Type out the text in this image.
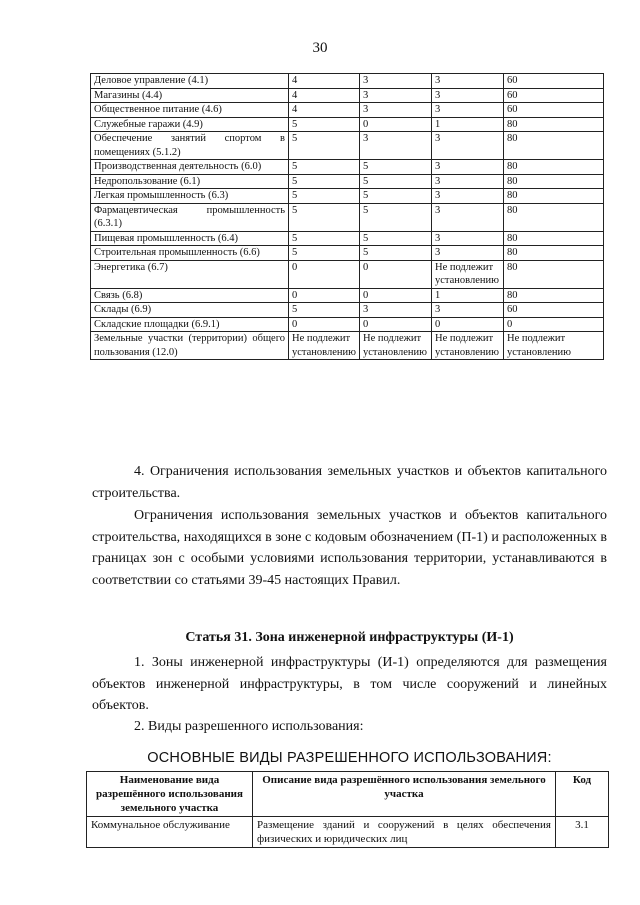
30
Деловое управление (4.1)	4	3	3	60
Магазины (4.4)	4	3	3	60
Общественное питание (4.6)	4	3	3	60
Служебные гаражи (4.9)	5	0	1	80
Обеспечение занятий спортом в помещениях (5.1.2)	5	3	3	80
Производственная деятельность (6.0)	5	5	3	80
Недропользование (6.1)	5	5	3	80
Легкая промышленность (6.3)	5	5	3	80
Фармацевтическая промышленность (6.3.1)	5	5	3	80
Пищевая промышленность (6.4)	5	5	3	80
Строительная промышленность (6.6)	5	5	3	80
Энергетика (6.7)	0	0	Не подлежит установлению	80
Связь (6.8)	0	0	1	80
Склады (6.9)	5	3	3	60
Складские площадки (6.9.1)	0	0	0	0
Земельные участки (территории) общего пользования (12.0)	Не подлежит установлению	Не подлежит установлению	Не подлежит установлению	Не подлежит установлению
4. Ограничения использования земельных участков и объектов капитального строительства.
Ограничения использования земельных участков и объектов капитального строительства, находящихся в зоне с кодовым обозначением (П-1) и расположенных в границах зон с особыми условиями использования территории, устанавливаются в соответствии со статьями 39-45 настоящих Правил.
Статья 31. Зона инженерной инфраструктуры (И-1)
1. Зоны инженерной инфраструктуры (И-1) определяются для размещения объектов инженерной инфраструктуры, в том числе сооружений и линейных объектов.
2. Виды разрешенного использования:
ОСНОВНЫЕ ВИДЫ РАЗРЕШЕННОГО ИСПОЛЬЗОВАНИЯ:
Наименование вида разрешённого использования земельного участка	Описание вида разрешённого использования земельного участка	Код
Коммунальное обслуживание	Размещение зданий и сооружений в целях обеспечения физических и юридических лиц	3.1
